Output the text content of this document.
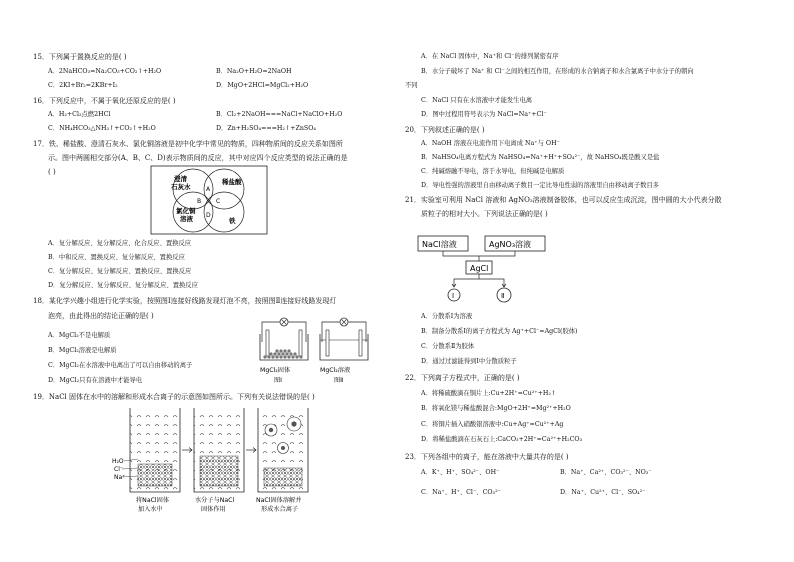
15．下列属于置换反应的是( )
A．2NaHCO₃=Na₂CO₃+CO₂↑+H₂O	B．Na₂O+H₂O=2NaOH
C．2KI+Br₂=2KBr+I₂	D．MgO+2HCl=MgCl₂+H₂O
16．下列反应中，不属于氧化还原反应的是( )
A．H₂+Cl₂点燃2HCl	B．Cl₂+2NaOH===NaCl+NaClO+H₂O
C．NH₄HCO₃△NH₃↑+CO₂↑+H₂O	D．Zn+H₂SO₄===H₂↑+ZnSO₄
17．铁、稀盐酸、澄清石灰水、氯化铜溶液是初中化学中常见的物质，四种物质间的反应关系如图所
示。图中两圆相交部分(A、B、C、D)表示物质间的反应，其中对应四个反应类型的说法正确的是
( )
澄清
石灰水
稀盐酸
氯化铜
溶液	铁
A
B C
D
A．复分解反应、复分解反应、化合反应、置换反应
B．中和反应、置换反应、复分解反应、置换反应
C．复分解反应、复分解反应、置换反应、置换反应
D．复分解反应、复分解反应、复分解反应、置换反应
18．某化学兴趣小组进行化学实验，按照图Ⅰ连接好线路发现灯泡不亮，按照图Ⅱ连接好线路发现灯
泡亮，由此得出的结论正确的是( )
A．MgCl₂不是电解质
B．MgCl₂溶液是电解质
C．MgCl₂在水溶液中电离出了可以自由移动的离子
D．MgCl₂只有在溶液中才能导电
MgCl₂固体
图Ⅰ
MgCl₂溶液
图Ⅱ
19．NaCl 固体在水中的溶解和形成水合离子的示意图如图所示。下列有关说法错误的是( )
H₂O
Cl⁻
Na⁺
将NaCl固体
加入水中
水分子与NaCl
固体作用
NaCl固体溶解并
形成水合离子
A．在 NaCl 固体中，Na⁺和 Cl⁻的排列紧密有序
B．水分子破坏了 Na⁺ 和 Cl⁻之间的相互作用，在形成的水合钠离子和水合氯离子中水分子的朝向
不同
C．NaCl 只有在水溶液中才能发生电离
D．图中过程用符号表示为 NaCl=Na⁺+Cl⁻
20．下列叙述正确的是( )
A．NaOH 溶液在电流作用下电离成 Na⁺与 OH⁻
B．NaHSO₄电离方程式为 NaHSO₄=Na⁺+H⁺+SO₄²⁻，故 NaHSO₄既是酸又是盐
C．纯碱熔融不导电，溶于水导电，但纯碱是电解质
D．导电性强的溶液里自由移动离子数目一定比导电性弱的溶液里自由移动离子数目多
21．实验室可利用 NaCl 溶液和 AgNO₃溶液制备胶体，也可以反应生成沉淀，图中圆的大小代表分散
质粒子的相对大小。下列说法正确的是( )
NaCl溶液	AgNO₃溶液
AgCl
Ⅰ	Ⅱ
A．分散系Ⅰ为溶液
B．制备分散系Ⅰ的离子方程式为 Ag⁺+Cl⁻=AgCl(胶体)
C．分散系Ⅱ为胶体
D．通过过滤能得到Ⅰ中分散质粒子
22．下列离子方程式中，正确的是( )
A．将稀硫酸滴在铜片上:Cu+2H⁺=Cu²⁺+H₂↑
B．将氧化镁与稀盐酸混合:MgO+2H⁺=Mg²⁺+H₂O
C．将铜片插入硝酸银溶液中:Cu+Ag⁺=Cu²⁺+Ag
D．将稀盐酸滴在石灰石上:CaCO₃+2H⁺=Ca²⁺+H₂CO₃
23．下列各组中的离子，能在溶液中大量共存的是( )
A．K⁺、H⁺、SO₄²⁻、OH⁻	B．Na⁺、Ca²⁺、CO₃²⁻、NO₃⁻
C．Na⁺、H⁺、Cl⁻、CO₃²⁻	D．Na⁺、Cu²⁺、Cl⁻、SO₄²⁻
